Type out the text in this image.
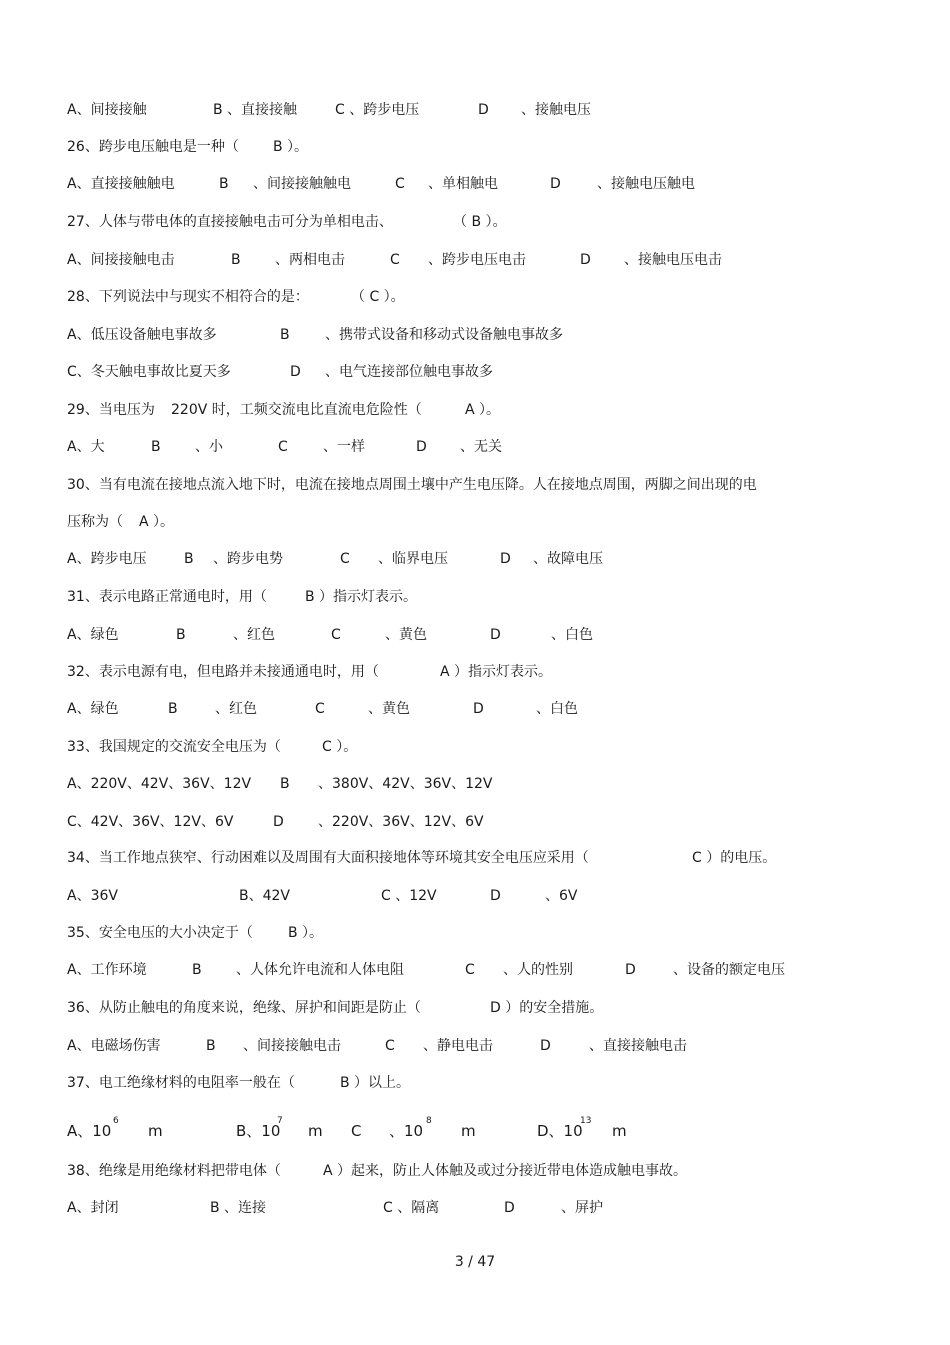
A、间接接触	B 、直接接触	C 、跨步电压	D 、接触电压
26、跨步电压触电是一种（ B ）。
A、直接接触触电	B 、间接接触触电	C 、单相触电	D	、接触电压触电
27、人体与带电体的直接接触电击可分为单相电击、	（ B ）。
A、间接接触电击	B 、两相电击	C 、跨步电压电击	D 、接触电压电击
28、下列说法中与现实不相符合的是：	（ C ）。
A、低压设备触电事故多	B	、携带式设备和移动式设备触电事故多
C、冬天触电事故比夏天多	D 、电气连接部位触电事故多
29、当电压为 220V 时，工频交流电比直流电危险性（	A ）。
A、大	B 、小	C	、一样	D 、无关
30、当有电流在接地点流入地下时，电流在接地点周围土壤中产生电压降。人在接地点周围，两脚之间出现的电
压称为（ A ）。
A、跨步电压	B 、跨步电势	C 、临界电压	D 、故障电压
31、表示电路正常通电时，用（	B ）指示灯表示。
A、绿色	B	、红色	C	、黄色	D	、白色
32、表示电源有电，但电路并未接通通电时，用（	A ）指示灯表示。
A、绿色	B	、红色	C	、黄色	D	、白色
33、我国规定的交流安全电压为（	C ）。
A、220V、42V、36V、12V B 、380V、42V、36V、12V
C、42V、36V、12V、6V	D 、220V、36V、12V、6V
34、当工作地点狭窄、行动困难以及周围有大面积接地体等环境其安全电压应采用（	C ）的电压。
A、36V	B、42V	C 、12V	D	、6V
35、安全电压的大小决定于（	B ）。
A、工作环境	B 、人体允许电流和人体电阻	C 、人的性别	D	、设备的额定电压
36、从防止触电的角度来说，绝缘、屏护和间距是防止（	D ）的安全措施。
A、电磁场伤害	B 、间接接触电击	C 、静电电击	D	、直接接触电击
37、电工绝缘材料的电阻率一般在（	B ）以上。
A、10
6
m	B、10
7
m C 、10
8
m	D、10
13
m
38、绝缘是用绝缘材料把带电体（	A ）起来，防止人体触及或过分接近带电体造成触电事故。
A、封闭	B 、连接	C 、隔离	D	、屏护
3 / 47
